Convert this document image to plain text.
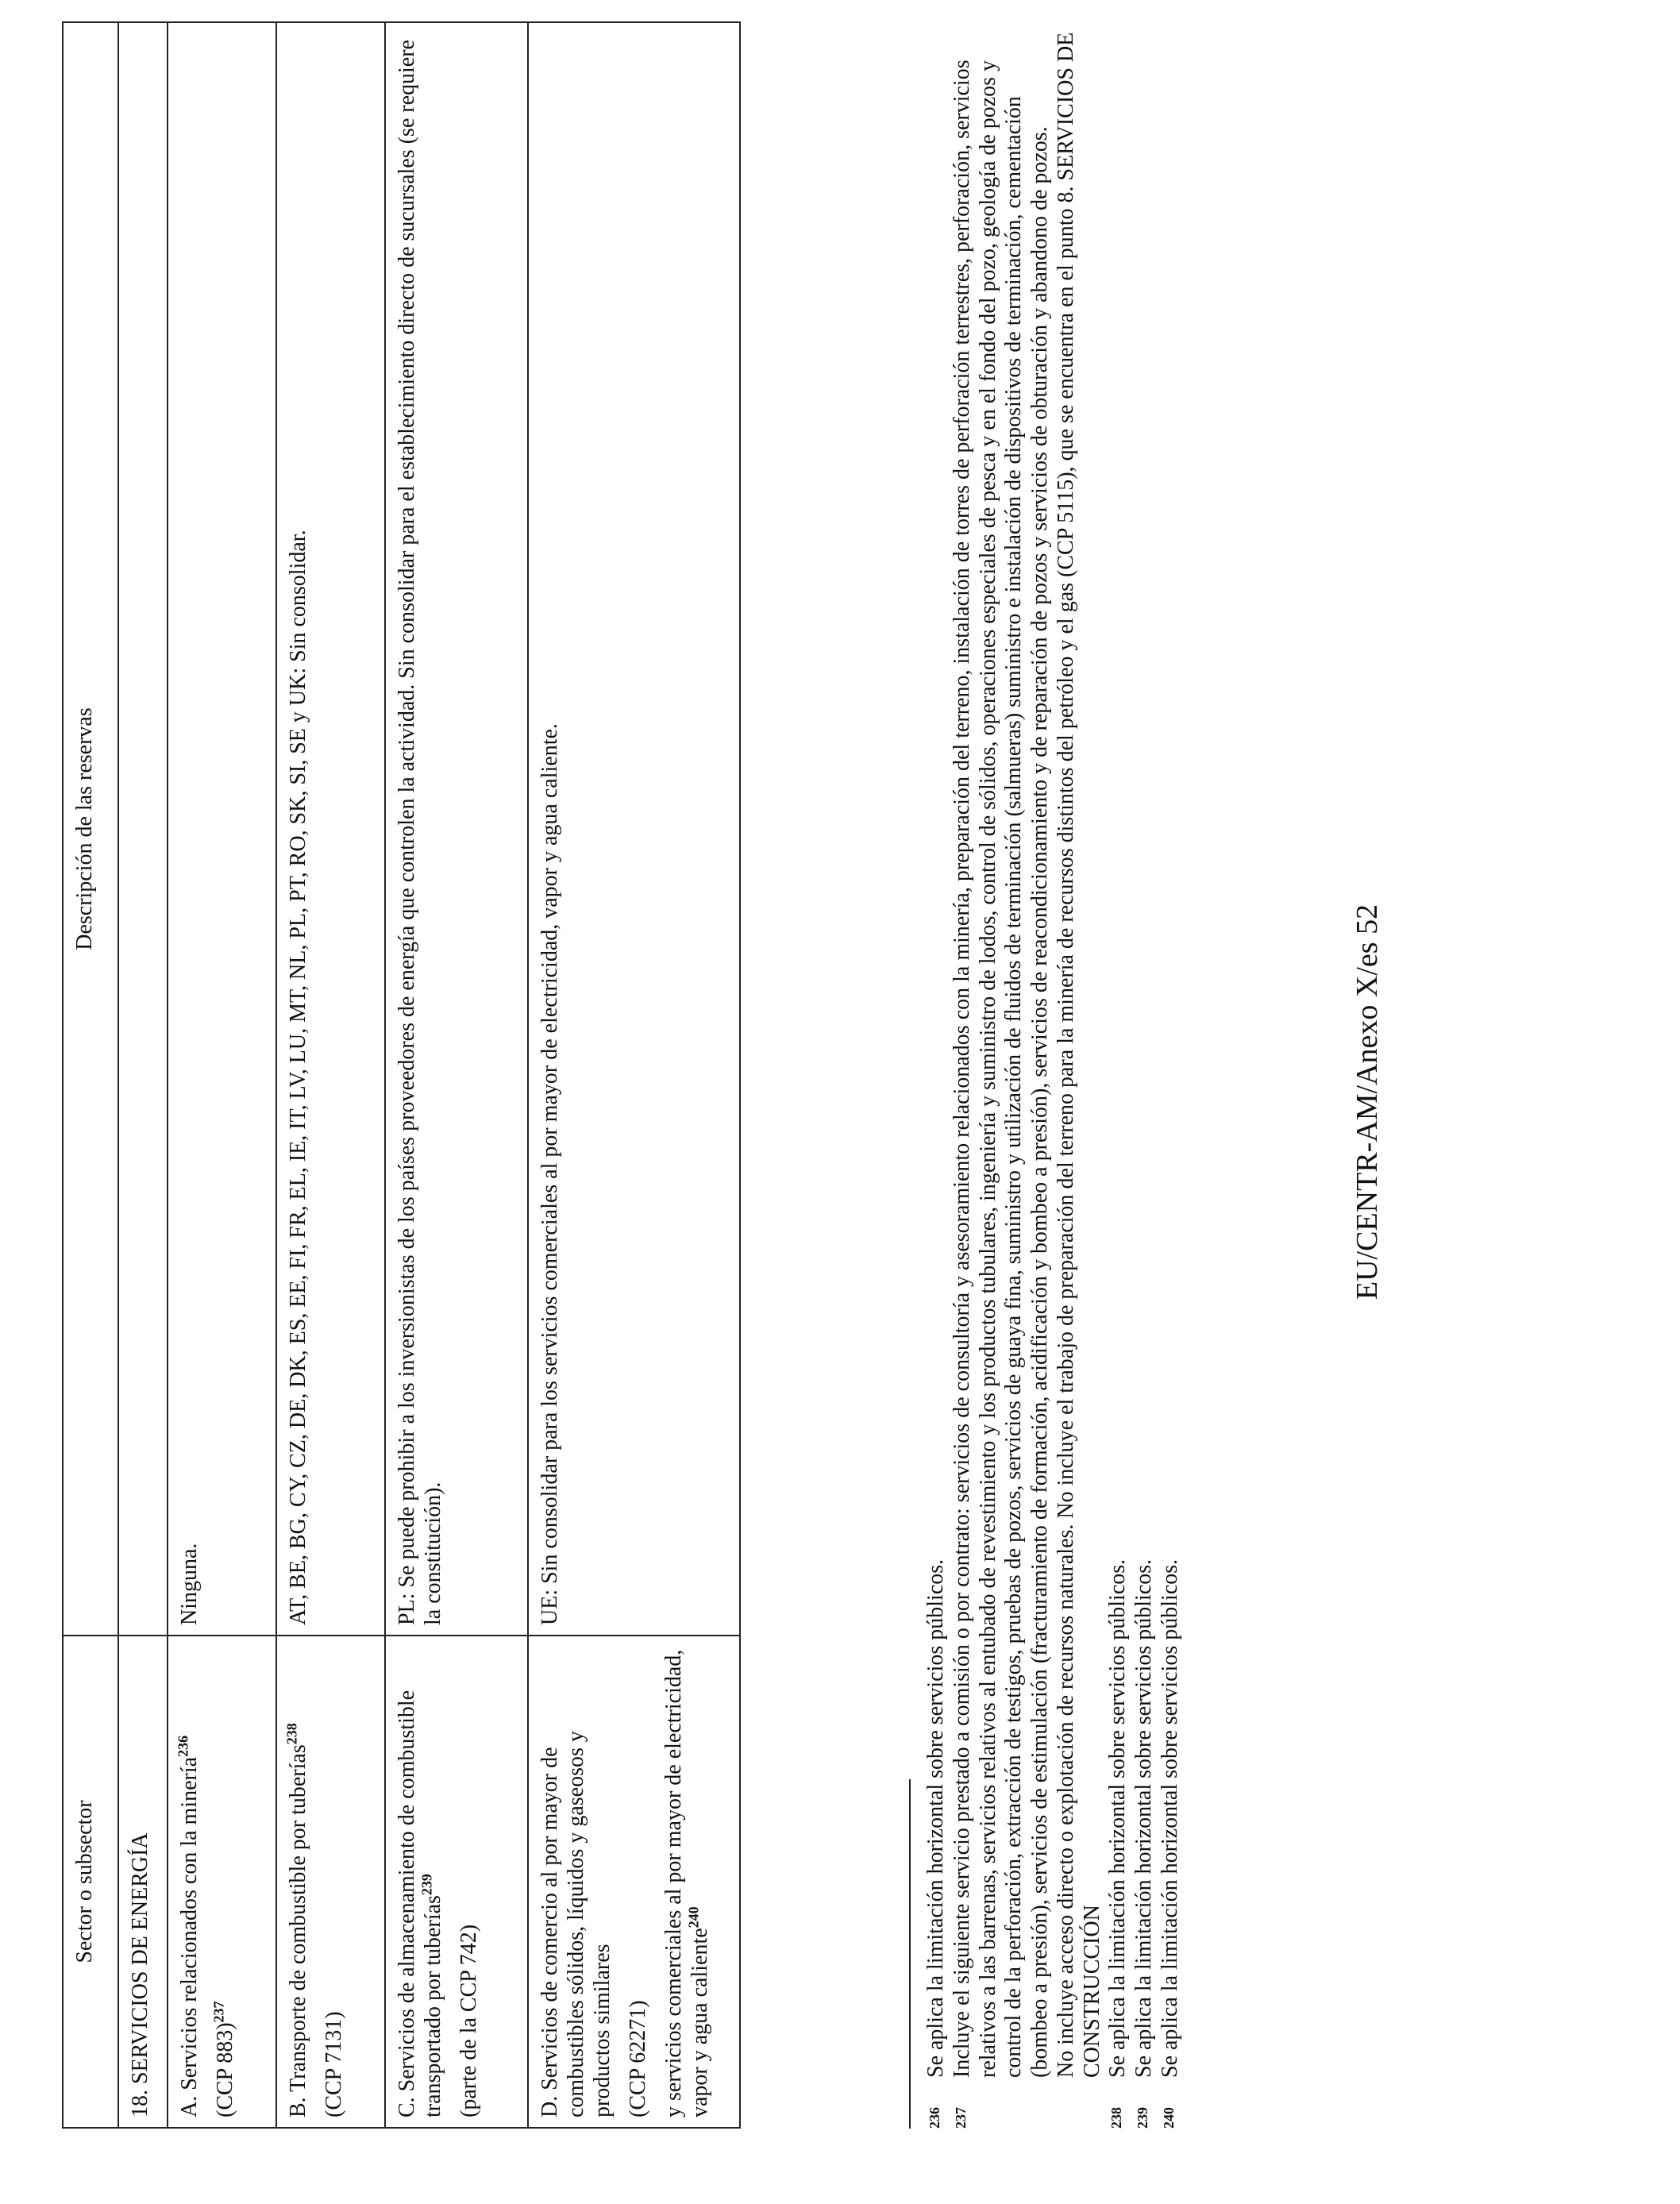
Sector o subsector	Descripción de las reservas
18. SERVICIOS DE ENERGÍA	

A. Servicios relacionados con la minería$^{236}$

(CCP 883)$^{237}$	Ninguna.

B. Transporte de combustible por tuberías$^{238}$

(CCP 7131)	AT, BE, BG, CY, CZ, DE, DK, ES, EE, FI, FR, EL, IE, IT, LV, LU, MT, NL, PL, PT, RO, SK, SI, SE y UK: Sin consolidar.

C. Servicios de almacenamiento de combustible transportado por tuberías$^{239}$

(parte de la CCP 742)	PL: Se puede prohibir a los inversionistas de los países proveedores de energía que controlen la actividad. Sin consolidar para el establecimiento directo de sucursales (se requiere la constitución).

D. Servicios de comercio al por mayor de combustibles sólidos, líquidos y gaseosos y productos similares (CCP 62271) y servicios comerciales al por mayor de electricidad, vapor y agua caliente$^{240}$	UE: Sin consolidar para los servicios comerciales al por mayor de electricidad, vapor y agua caliente.

236

Se aplica la limitación horizontal sobre servicios públicos.

237

Incluye el siguiente servicio prestado a comisión o por contrato: servicios de consultoría y asesoramiento relacionados con la minería, preparación del terreno, instalación de torres de perforación terrestres, perforación, servicios relativos a las barrenas, servicios relativos al entubado de revestimiento y los productos tubulares, ingeniería y suministro de lodos, control de sólidos, operaciones especiales de pesca y en el fondo del pozo, geología de pozos y control de la perforación, extracción de testigos, pruebas de pozos, servicios de guaya fina, suministro y utilización de fluidos de terminación (salmueras) suministro e instalación de dispositivos de terminación, cementación (bombeo a presión), servicios de estimulación (fracturamiento de formación, acidificación y bombeo a presión), servicios de reacondicionamiento y de reparación de pozos y servicios de obturación y abandono de pozos. No incluye acceso directo o explotación de recursos naturales. No incluye el trabajo de preparación del terreno para la minería de recursos distintos del petróleo y el gas (CCP 5115), que se encuentra en el punto 8. SERVICIOS DE CONSTRUCCIÓN

238

Se aplica la limitación horizontal sobre servicios públicos.

239

Se aplica la limitación horizontal sobre servicios públicos.

240

Se aplica la limitación horizontal sobre servicios públicos.

EU/CENTR-AM/Anexo X/es 52
